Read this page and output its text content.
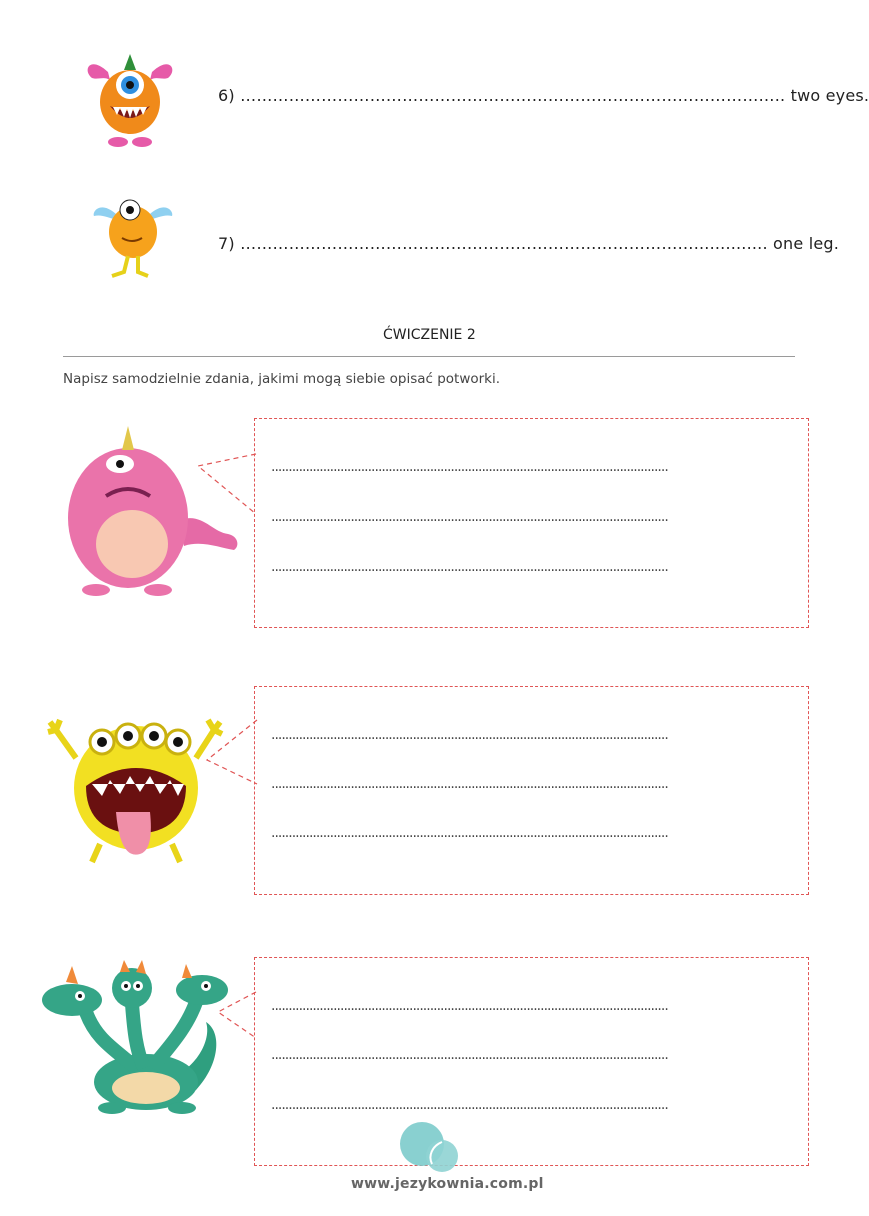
6) ……………………………………………………………………………………….. two eyes.
7) ………………………………………………………………………….............. one leg.
ĆWICZENIE 2
Napisz samodzielnie zdania, jakimi mogą siebie opisać potworki.
...................................................................................................................
...................................................................................................................
...................................................................................................................
...................................................................................................................
...................................................................................................................
...................................................................................................................
...................................................................................................................
...................................................................................................................
...................................................................................................................
www.jezykownia.com.pl
